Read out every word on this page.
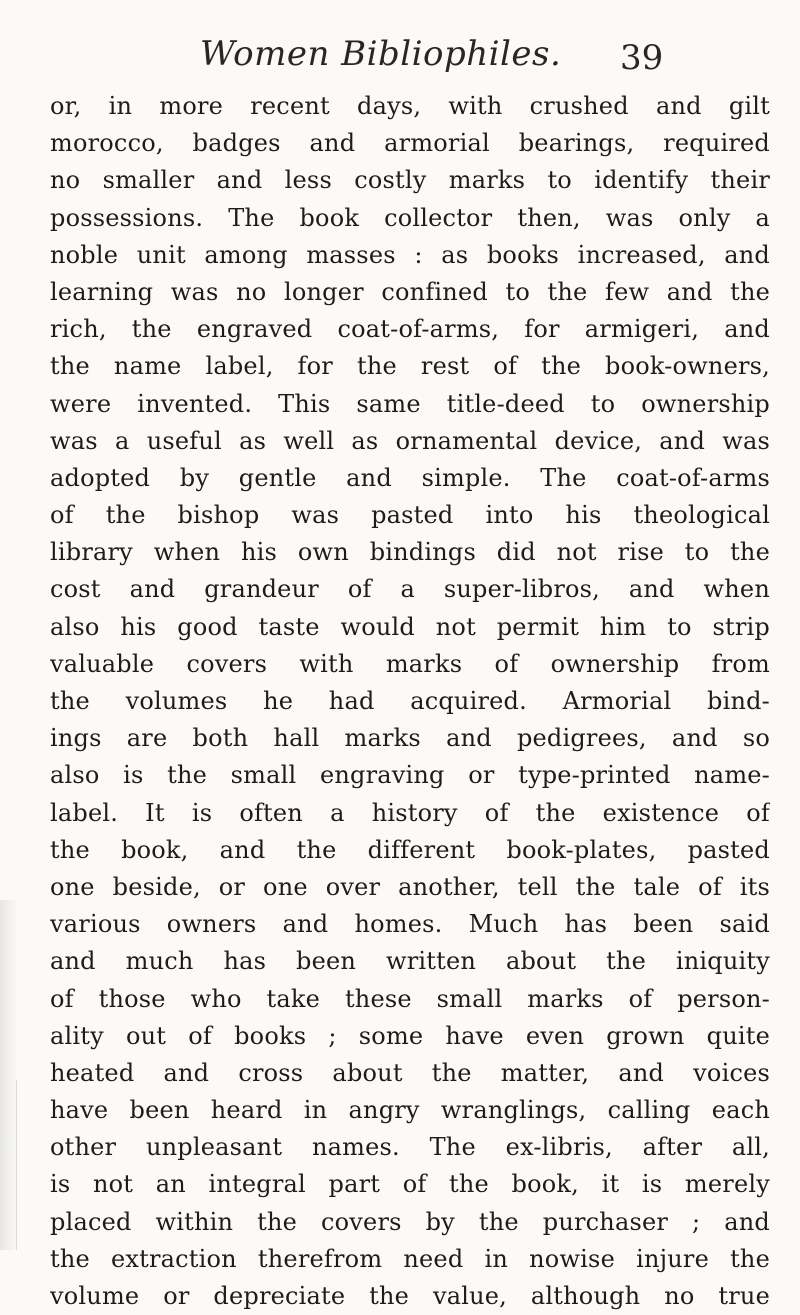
Women Bibliophiles. 39
or, in more recent days, with crushed and gilt
morocco, badges and armorial bearings, required
no smaller and less costly marks to identify their
possessions. The book collector then, was only a
noble unit among masses : as books increased, and
learning was no longer confined to the few and the
rich, the engraved coat-of-arms, for armigeri, and
the name label, for the rest of the book-owners,
were invented. This same title-deed to ownership
was a useful as well as ornamental device, and was
adopted by gentle and simple. The coat-of-arms
of the bishop was pasted into his theological
library when his own bindings did not rise to the
cost and grandeur of a super-libros, and when
also his good taste would not permit him to strip
valuable covers with marks of ownership from
the volumes he had acquired. Armorial bind-
ings are both hall marks and pedigrees, and so
also is the small engraving or type-printed name-
label. It is often a history of the existence of
the book, and the different book-plates, pasted
one beside, or one over another, tell the tale of its
various owners and homes. Much has been said
and much has been written about the iniquity
of those who take these small marks of person-
ality out of books ; some have even grown quite
heated and cross about the matter, and voices
have been heard in angry wranglings, calling each
other unpleasant names. The ex-libris, after all,
is not an integral part of the book, it is merely
placed within the covers by the purchaser ; and
the extraction therefrom need in nowise injure the
volume or depreciate the value, although no true
